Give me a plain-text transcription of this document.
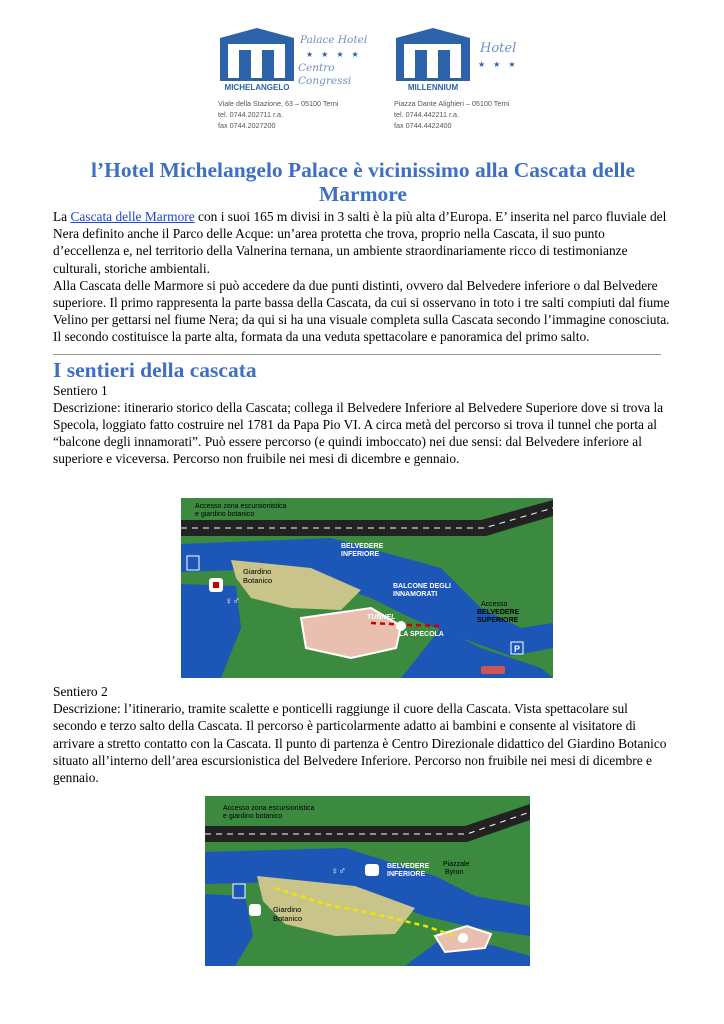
MICHELANGELO
Palace Hotel
★ ★ ★ ★
Centro Congressi
Viale della Stazione, 63 – 05100 Terni
tel. 0744.202711 r.a.
fax 0744.2027200
MILLENNIUM
Hotel
★ ★ ★
Piazza Dante Alighieri – 05100 Terni
tel. 0744.442211 r.a.
fax 0744.4422400
l’Hotel Michelangelo Palace è vicinissimo alla Cascata delle Marmore

La Cascata delle Marmore con i suoi 165 m divisi in 3 salti è la più alta d’Europa. E’ inserita nel parco fluviale del Nera definito anche il Parco delle Acque: un’area protetta che trova, proprio nella Cascata, il suo punto d’eccellenza e, nel territorio della Valnerina ternana, un ambiente straordinariamente ricco di testimonianze culturali, storiche ambientali.

Alla Cascata delle Marmore si può accedere da due punti distinti, ovvero dal Belvedere inferiore o dal Belvedere superiore. Il primo rappresenta la parte bassa della Cascata, da cui si osservano in toto i tre salti compiuti dal fiume Velino per gettarsi nel fiume Nera; da qui si ha una visuale completa sulla Cascata secondo l’immagine conosciuta. Il secondo costituisce la parte alta, formata da una veduta spettacolare e panoramica del primo salto.

I sentieri della cascata

Sentiero 1

Descrizione: itinerario storico della Cascata; collega il Belvedere Inferiore al Belvedere Superiore dove si trova la Specola, loggiato fatto costruire nel 1781 da Papa Pio VI. A circa metà del percorso si trova il tunnel che porta al “balcone degli innamorati”. Può essere percorso (e quindi imboccato) nei due sensi: dal Belvedere inferiore al superiore e viceversa. Percorso non fruibile nei mesi di dicembre e gennaio.

Accesso zona escursionistica
e giardino botanico
BELVEDERE
INFERIORE
Giardino
Botanico
BALCONE DEGLI
INNAMORATI
TUNNEL
LA SPECOLA
Accesso
BELVEDERE
SUPERIORE
♀♂
P

Sentiero 2

Descrizione: l’itinerario, tramite scalette e ponticelli raggiunge il cuore della Cascata. Vista spettacolare sul secondo e terzo salto della Cascata. Il percorso è particolarmente adatto ai bambini e consente al visitatore di arrivare a stretto contatto con la Cascata. Il punto di partenza è Centro Direzionale didattico del Giardino Botanico situato all’interno dell’area escursionistica del Belvedere Inferiore. Percorso non fruibile nei mesi di dicembre e gennaio.

Accesso zona escursionistica
e giardino botanico
BELVEDERE
INFERIORE
Piazzale
Byron
Giardino
Botanico
♀♂
